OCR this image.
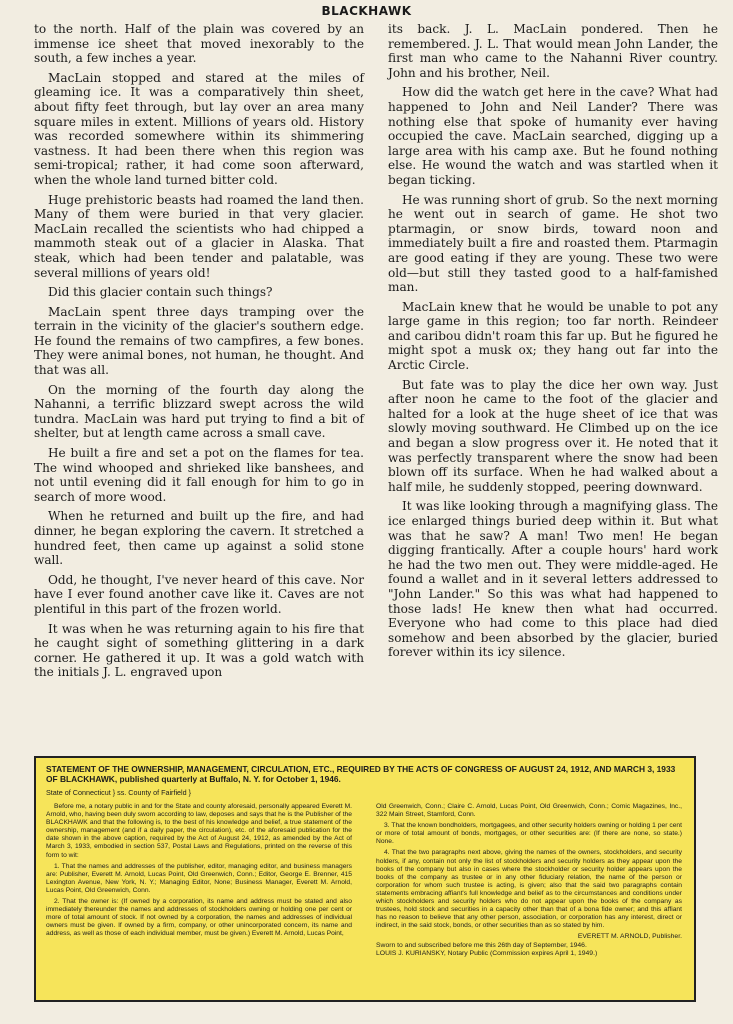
BLACKHAWK

to the north. Half of the plain was covered by an immense ice sheet that moved inexorably to the south, a few inches a year.

MacLain stopped and stared at the miles of gleaming ice. It was a comparatively thin sheet, about fifty feet through, but lay over an area many square miles in extent. Millions of years old. History was recorded somewhere within its shimmering vastness. It had been there when this region was semi-tropical; rather, it had come soon afterward, when the whole land turned bitter cold.

Huge prehistoric beasts had roamed the land then. Many of them were buried in that very glacier. MacLain recalled the scientists who had chipped a mammoth steak out of a glacier in Alaska. That steak, which had been tender and palatable, was several millions of years old!

Did this glacier contain such things?

MacLain spent three days tramping over the terrain in the vicinity of the glacier's southern edge. He found the remains of two campfires, a few bones. They were animal bones, not human, he thought. And that was all.

On the morning of the fourth day along the Nahanni, a terrific blizzard swept across the wild tundra. MacLain was hard put trying to find a bit of shelter, but at length came across a small cave.

He built a fire and set a pot on the flames for tea. The wind whooped and shrieked like banshees, and not until evening did it fall enough for him to go in search of more wood.

When he returned and built up the fire, and had dinner, he began exploring the cavern. It stretched a hundred feet, then came up against a solid stone wall.

Odd, he thought, I've never heard of this cave. Nor have I ever found another cave like it. Caves are not plentiful in this part of the frozen world.

It was when he was returning again to his fire that he caught sight of something glittering in a dark corner. He gathered it up. It was a gold watch with the initials J. L. engraved upon

its back. J. L. MacLain pondered. Then he remembered. J. L. That would mean John Lander, the first man who came to the Nahanni River country. John and his brother, Neil.

How did the watch get here in the cave? What had happened to John and Neil Lander? There was nothing else that spoke of humanity ever having occupied the cave. MacLain searched, digging up a large area with his camp axe. But he found nothing else. He wound the watch and was startled when it began ticking.

He was running short of grub. So the next morning he went out in search of game. He shot two ptarmagin, or snow birds, toward noon and immediately built a fire and roasted them. Ptarmagin are good eating if they are young. These two were old—but still they tasted good to a half-famished man.

MacLain knew that he would be unable to pot any large game in this region; too far north. Reindeer and caribou didn't roam this far up. But he figured he might spot a musk ox; they hang out far into the Arctic Circle.

But fate was to play the dice her own way. Just after noon he came to the foot of the glacier and halted for a look at the huge sheet of ice that was slowly moving southward. He Climbed up on the ice and began a slow progress over it. He noted that it was perfectly transparent where the snow had been blown off its surface. When he had walked about a half mile, he suddenly stopped, peering downward.

It was like looking through a magnifying glass. The ice enlarged things buried deep within it. But what was that he saw? A man! Two men! He began digging frantically. After a couple hours' hard work he had the two men out. They were middle-aged. He found a wallet and in it several letters addressed to "John Lander." So this was what had happened to those lads! He knew then what had occurred. Everyone who had come to this place had died somehow and been absorbed by the glacier, buried forever within its icy silence.

STATEMENT OF THE OWNERSHIP, MANAGEMENT, CIRCULATION, ETC., REQUIRED BY THE ACTS OF CONGRESS OF AUGUST 24, 1912, AND MARCH 3, 1933 OF BLACKHAWK, published quarterly at Buffalo, N. Y. for October 1, 1946.
State of Connecticut } ss. County of Fairfield }

Before me, a notary public in and for the State and county aforesaid, personally appeared Everett M. Arnold, who, having been duly sworn according to law, deposes and says that he is the Publisher of the BLACKHAWK and that the following is, to the best of his knowledge and belief, a true statement of the ownership, management (and if a daily paper, the circulation), etc. of the aforesaid publication for the date shown in the above caption, required by the Act of August 24, 1912, as amended by the Act of March 3, 1933, embodied in section 537, Postal Laws and Regulations, printed on the reverse of this form to wit:

1. That the names and addresses of the publisher, editor, managing editor, and business managers are: Publisher, Everett M. Arnold, Lucas Point, Old Greenwich, Conn.; Editor, George E. Brenner, 415 Lexington Avenue, New York, N. Y.; Managing Editor, None; Business Manager, Everett M. Arnold, Lucas Point, Old Greenwich, Conn.

2. That the owner is: (If owned by a corporation, its name and address must be stated and also immediately thereunder the names and addresses of stockholders owning or holding one per cent or more of total amount of stock. If not owned by a corporation, the names and addresses of individual owners must be given. If owned by a firm, company, or other unincorporated concern, its name and address, as well as those of each individual member, must be given.) Everett M. Arnold, Lucas Point,

Old Greenwich, Conn.; Claire C. Arnold, Lucas Point, Old Greenwich, Conn.; Comic Magazines, Inc., 322 Main Street, Stamford, Conn.

3. That the known bondholders, mortgagees, and other security holders owning or holding 1 per cent or more of total amount of bonds, mortgages, or other securities are: (If there are none, so state.) None.

4. That the two paragraphs next above, giving the names of the owners, stockholders, and security holders, if any, contain not only the list of stockholders and security holders as they appear upon the books of the company but also in cases where the stockholder or security holder appears upon the books of the company as trustee or in any other fiduciary relation, the name of the person or corporation for whom such trustee is acting, is given; also that the said two paragraphs contain statements embracing affiant's full knowledge and belief as to the circumstances and conditions under which stockholders and security holders who do not appear upon the books of the company as trustees, hold stock and securities in a capacity other than that of a bona fide owner; and this affiant has no reason to believe that any other person, association, or corporation has any interest, direct or indirect, in the said stock, bonds, or other securities than as so stated by him.

EVERETT M. ARNOLD, Publisher.
Sworn to and subscribed before me this 26th day of September, 1946.
LOUIS J. KURIANSKY, Notary Public (Commission expires April 1, 1949.)
